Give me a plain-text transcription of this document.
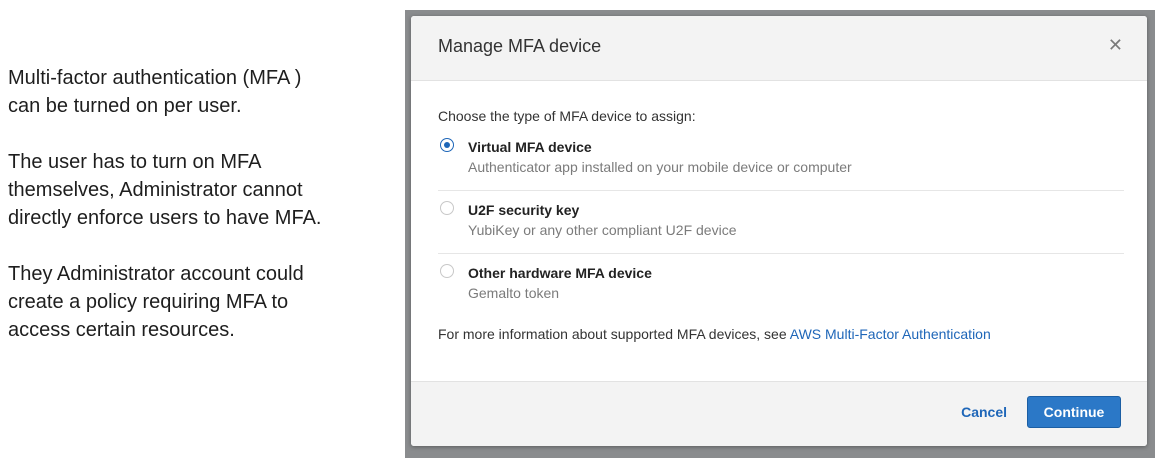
Multi-factor authentication (MFA )
can be turned on per user.

The user has to turn on MFA
themselves, Administrator cannot
directly enforce users to have MFA.

They Administrator account could
create a policy requiring MFA to
access certain resources.

Manage MFA device	✕
Choose the type of MFA device to assign:
Virtual MFA device
Authenticator app installed on your mobile device or computer
U2F security key
YubiKey or any other compliant U2F device
Other hardware MFA device
Gemalto token
For more information about supported MFA devices, see AWS Multi-Factor Authentication
Cancel	Continue
